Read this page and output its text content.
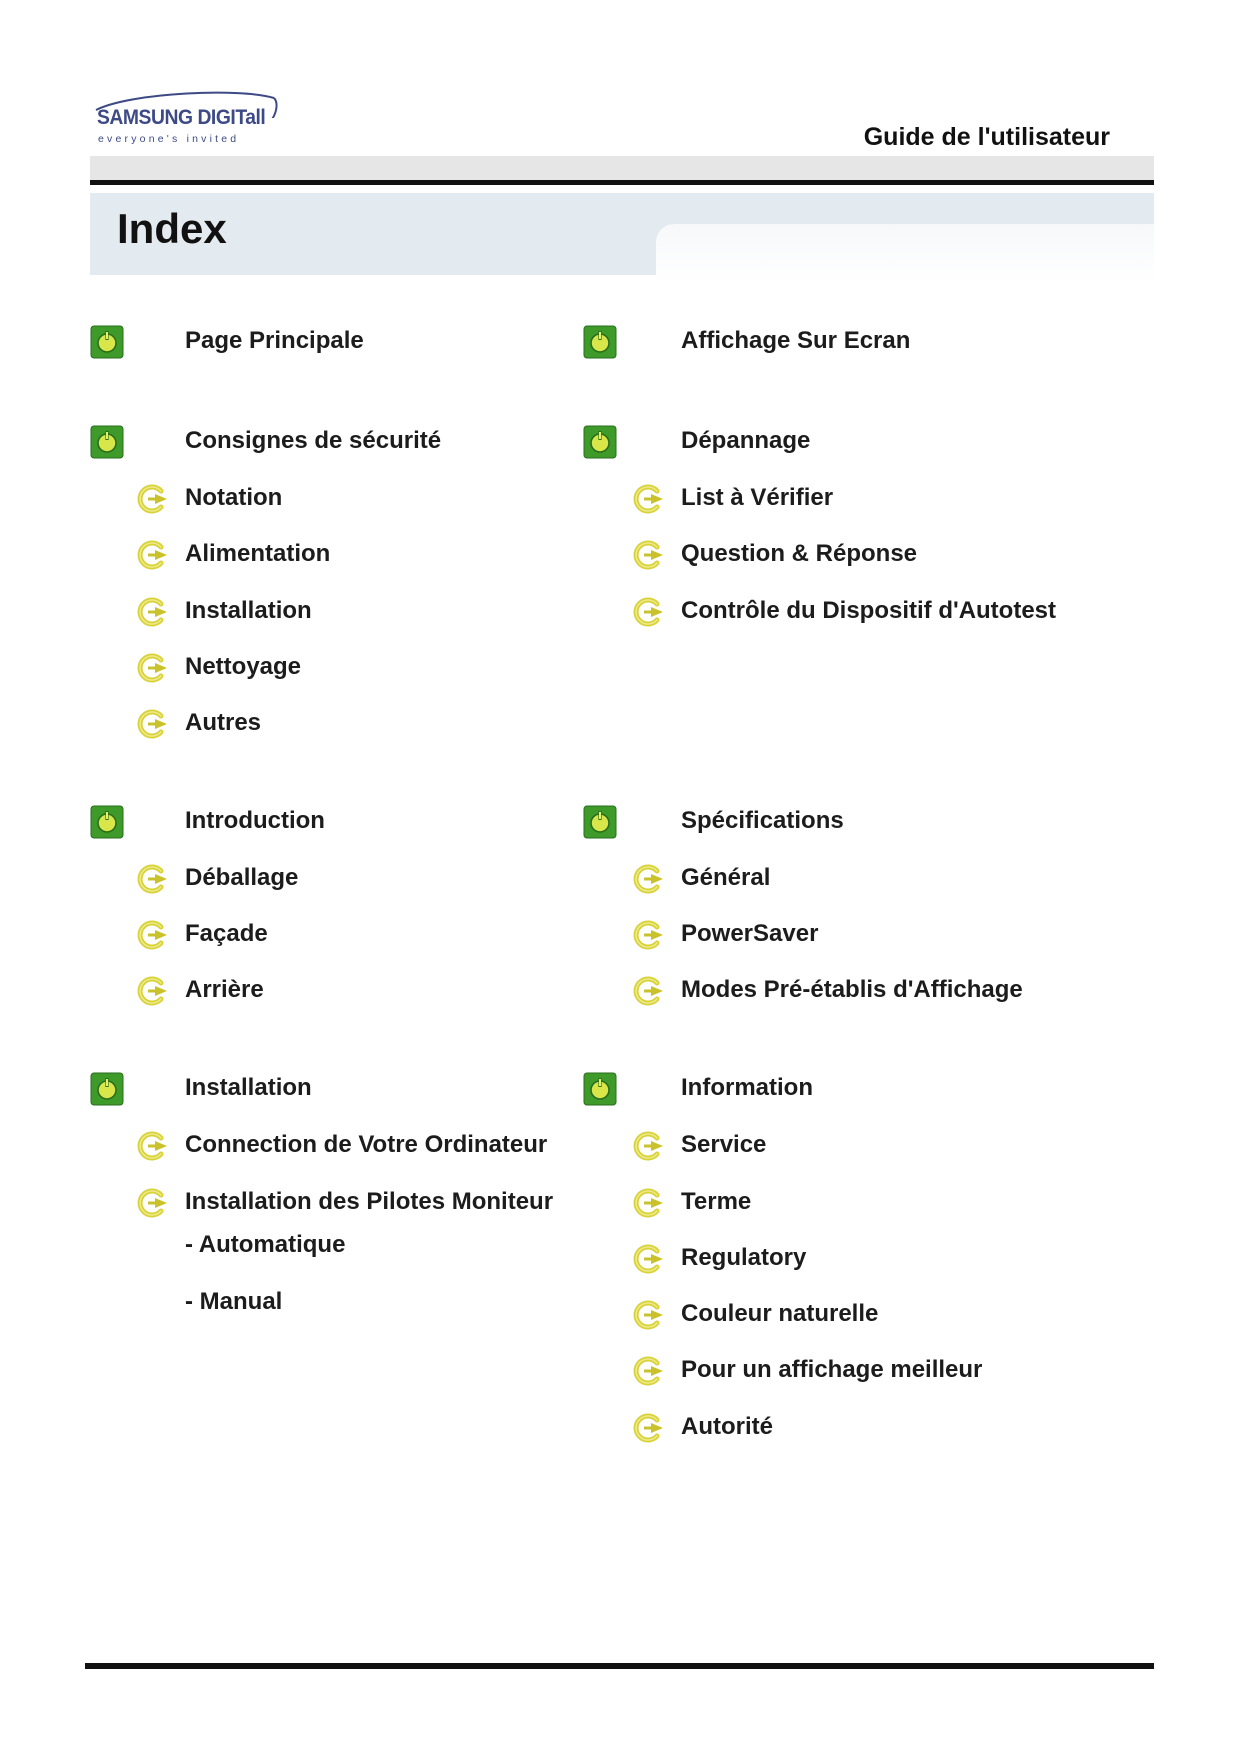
SAMSUNG DIGITall
everyone's invited	Guide de l'utilisateur
Index
Page Principale
Consignes de sécurité
Notation
Alimentation
Installation
Nettoyage
Autres
Introduction
Déballage
Façade
Arrière
Installation
Connection de Votre Ordinateur
Installation des Pilotes Moniteur
- Automatique
- Manual
Affichage Sur Ecran
Dépannage
List à Vérifier
Question & Réponse
Contrôle du Dispositif d'Autotest
Spécifications
Général
PowerSaver
Modes Pré-établis d'Affichage
Information
Service
Terme
Regulatory
Couleur naturelle
Pour un affichage meilleur
Autorité
